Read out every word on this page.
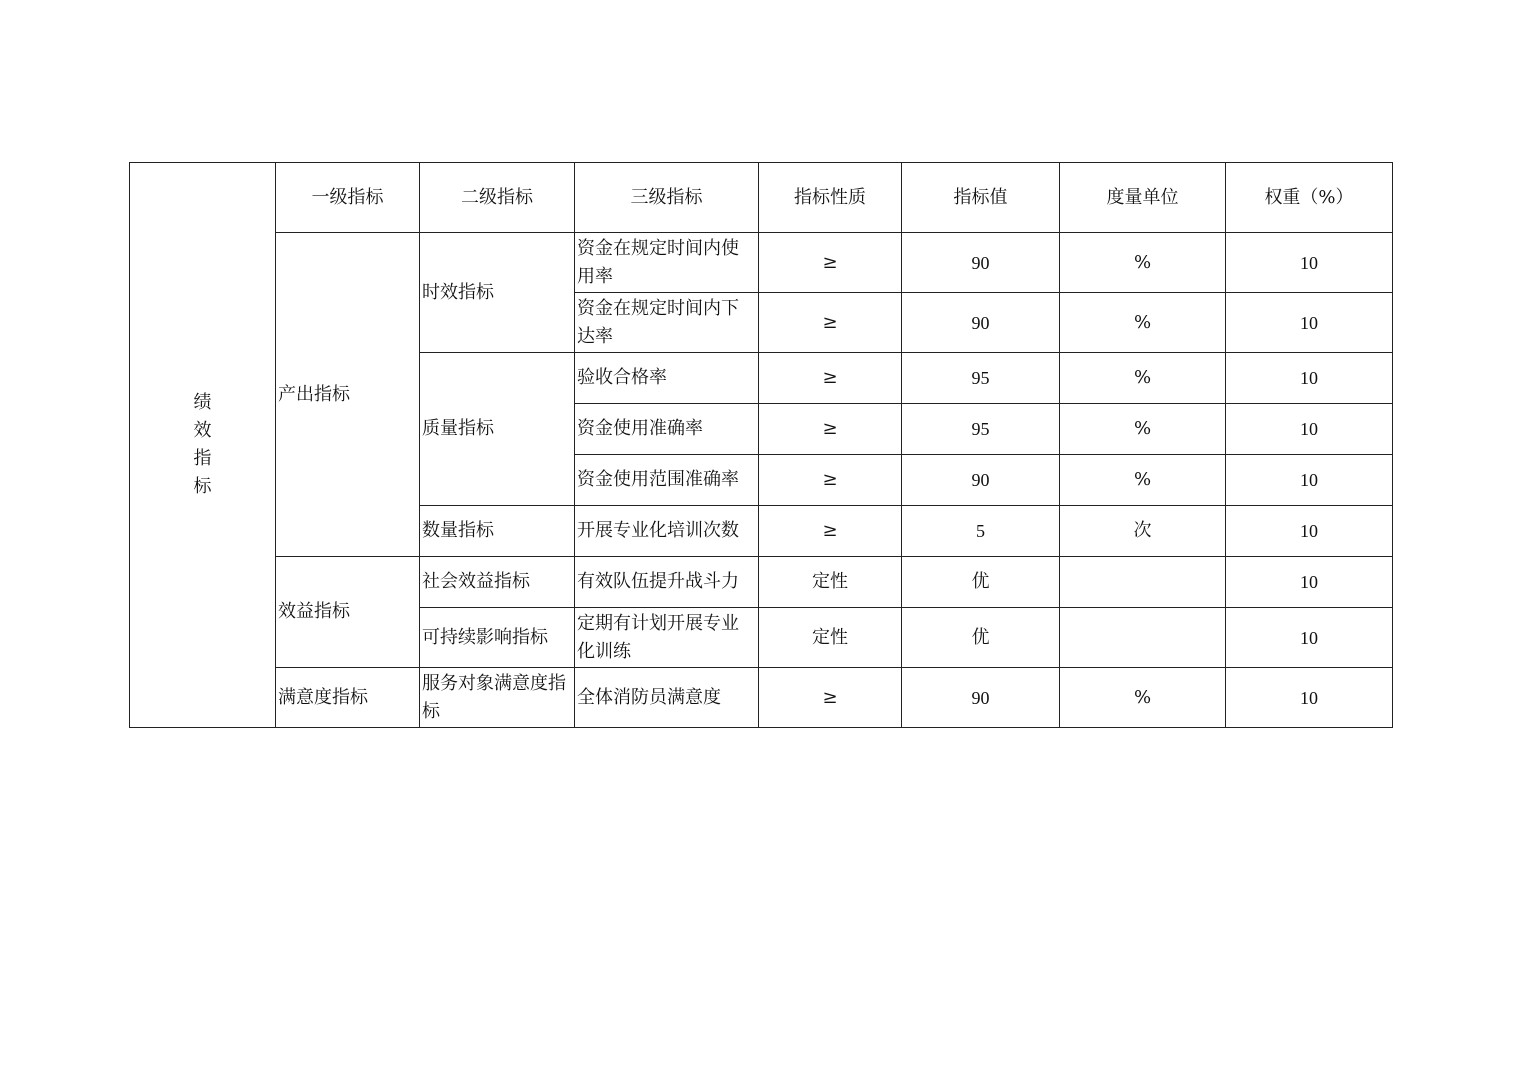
绩
效
指
标	一级指标	二级指标	三级指标	指标性质	指标值	度量单位	权重（%）
	产出指标	时效指标	资金在规定时间内使用率	≥	90	%	10
			资金在规定时间内下达率	≥	90	%	10
		质量指标	验收合格率	≥	95	%	10
			资金使用准确率	≥	95	%	10
			资金使用范围准确率	≥	90	%	10
		数量指标	开展专业化培训次数	≥	5	次	10
	效益指标	社会效益指标	有效队伍提升战斗力	定性	优		10
		可持续影响指标	定期有计划开展专业化训练	定性	优		10
	满意度指标	服务对象满意度指标	全体消防员满意度	≥	90	%	10
